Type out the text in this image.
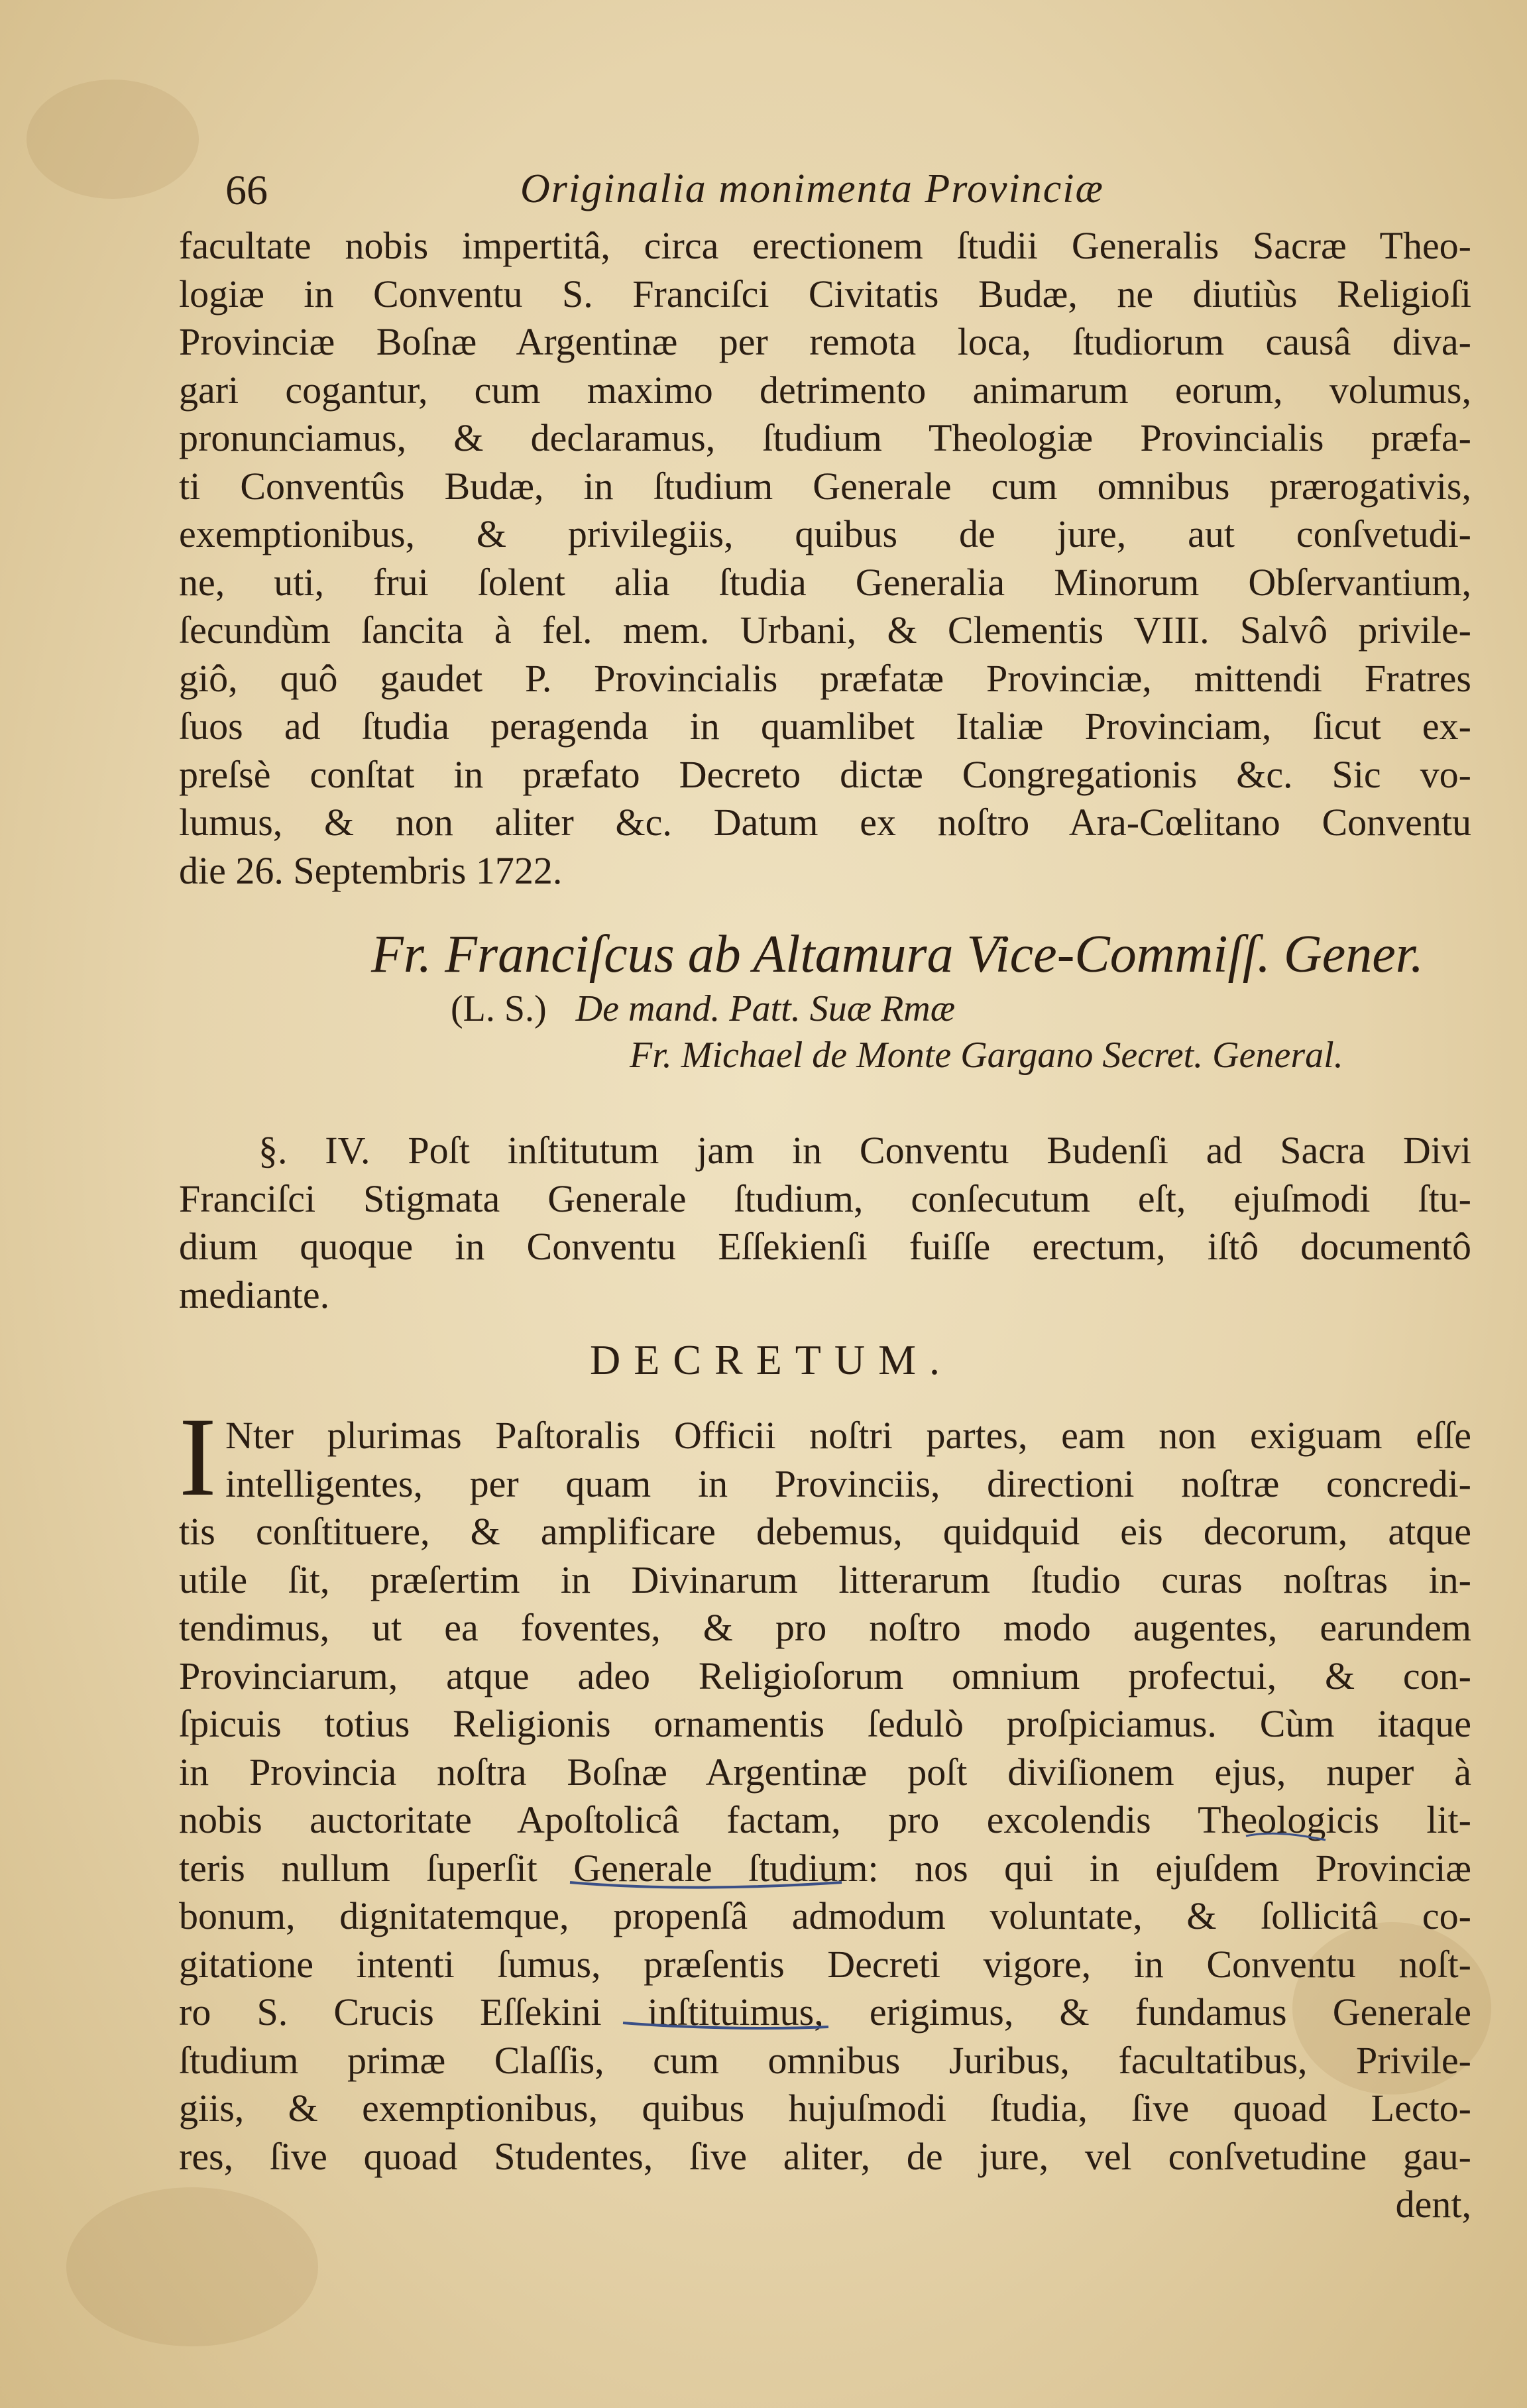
66	Originalia monimenta Provinciæ
facultate nobis impertitâ, circa erectionem ſtudii Generalis Sacræ Theo-
logiæ in Conventu S. Franciſci Civitatis Budæ, ne diutiùs Religioſi
Provinciæ Boſnæ Argentinæ per remota loca, ſtudiorum causâ diva-
gari cogantur, cum maximo detrimento animarum eorum, volumus,
pronunciamus, & declaramus, ſtudium Theologiæ Provincialis præfa-
ti Conventûs Budæ, in ſtudium Generale cum omnibus prærogativis,
exemptionibus, & privilegiis, quibus de jure, aut conſvetudi-
ne, uti, frui ſolent alia ſtudia Generalia Minorum Obſervantium,
ſecundùm ſancita à fel. mem. Urbani, & Clementis VIII. Salvô privile-
giô, quô gaudet P. Provincialis præfatæ Provinciæ, mittendi Fratres
ſuos ad ſtudia peragenda in quamlibet Italiæ Provinciam, ſicut ex-
preſsè conſtat in præfato Decreto dictæ Congregationis &c. Sic vo-
lumus, & non aliter &c. Datum ex noſtro Ara-Cœlitano Conventu
die 26. Septembris 1722.
Fr. Franciſcus ab Altamura Vice-Commiſſ. Gener.
(L. S.) De mand. Patt. Suæ Rmæ
Fr. Michael de Monte Gargano Secret. General.
§. IV. Poſt inſtitutum jam in Conventu Budenſi ad Sacra Divi
Franciſci Stigmata Generale ſtudium, conſecutum eſt, ejuſmodi ſtu-
dium quoque in Conventu Eſſekienſi fuiſſe erectum, iſtô documentô
mediante.
DECRETUM.
I Nter plurimas Paſtoralis Officii noſtri partes, eam non exiguam eſſe
intelligentes, per quam in Provinciis, directioni noſtræ concredi-
tis conſtituere, & amplificare debemus, quidquid eis decorum, atque
utile ſit, præſertim in Divinarum litterarum ſtudio curas noſtras in-
tendimus, ut ea foventes, & pro noſtro modo augentes, earundem
Provinciarum, atque adeo Religioſorum omnium profectui, & con-
ſpicuis totius Religionis ornamentis ſedulò proſpiciamus. Cùm itaque
in Provincia noſtra Boſnæ Argentinæ poſt diviſionem ejus, nuper à
nobis auctoritate Apoſtolicâ factam, pro excolendis Theologicis lit-
teris nullum ſuperſit Generale ſtudium: nos qui in ejuſdem Provinciæ
bonum, dignitatemque, propenſâ admodum voluntate, & ſollicitâ co-
gitatione intenti ſumus, præſentis Decreti vigore, in Conventu noſt-
ro S. Crucis Eſſekini inſtituimus, erigimus, & fundamus Generale
ſtudium primæ Claſſis, cum omnibus Juribus, facultatibus, Privile-
giis, & exemptionibus, quibus hujuſmodi ſtudia, ſive quoad Lecto-
res, ſive quoad Studentes, ſive aliter, de jure, vel conſvetudine gau-
dent,
